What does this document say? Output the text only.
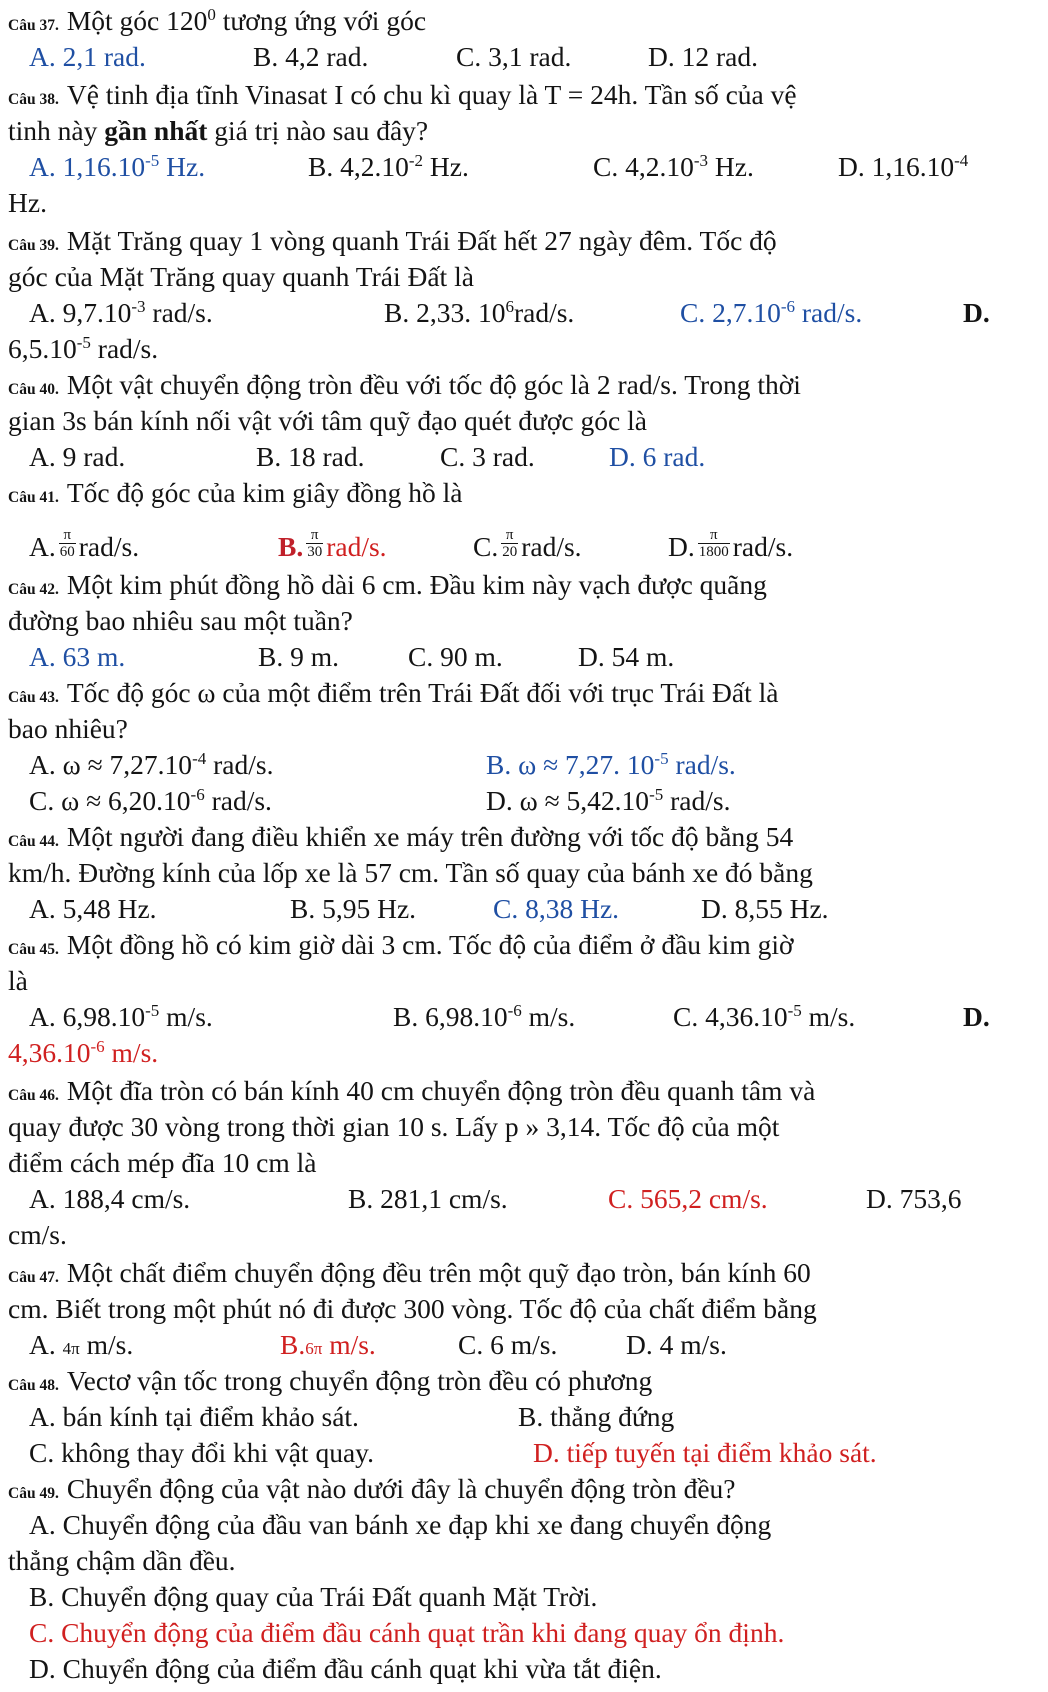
Câu 37. Một góc $120^0$ tương ứng với góc
A. 2,1 rad.	B. 4,2 rad.	C. 3,1 rad.	D. 12 rad.
Câu 38. Vệ tinh địa tĩnh Vinasat I có chu kì quay là T = 24h. Tần số của vệ
tinh này gần nhất giá trị nào sau đây?
A. $1,16.10^{-5}$ Hz.	B. $4,2.10^{-2}$ Hz.	C. $4,2.10^{-3}$ Hz.	D. $1,16.10^{-4}$
Hz.
Câu 39. Mặt Trăng quay 1 vòng quanh Trái Đất hết 27 ngày đêm. Tốc độ
góc của Mặt Trăng quay quanh Trái Đất là
A. $9,7.10^{-3}$ rad/s.	B. 2,33. $10^6rad/s$.	C. $2,7.10^{-6}$ rad/s.	D.
$6,5.10^{-5}$ rad/s.
Câu 40. Một vật chuyển động tròn đều với tốc độ góc là 2 rad/s. Trong thời
gian 3s bán kính nối vật với tâm quỹ đạo quét được góc là
A. 9 rad.	B. 18 rad.	C. 3 rad.	D. 6 rad.
Câu 41. Tốc độ góc của kim giây đồng hồ là
A. $\frac{\pi}{60} rad/s$.	B. $\frac{\pi}{30} rad/s$.	C. $\frac{\pi}{20} rad/s$.	D. $\frac{\pi}{1800} rad/s$.
Câu 42. Một kim phút đồng hồ dài 6 cm. Đầu kim này vạch được quãng
đường bao nhiêu sau một tuần?
A. 63 m.	B. 9 m.	C. 90 m.	D. 54 m.
Câu 43. Tốc độ góc ω của một điểm trên Trái Đất đối với trục Trái Đất là
bao nhiêu?
A. $\omega \approx 7,27.10^{-4}$ rad/s.	B. ω ≈ 7,27. $10^{-5}$ rad/s.
C. $\omega \approx 6,20.10^{-6}$ rad/s.	D. $\omega \approx 5,42.10^{-5}$ rad/s.
Câu 44. Một người đang điều khiển xe máy trên đường với tốc độ bằng 54
km/h. Đường kính của lốp xe là 57 cm. Tần số quay của bánh xe đó bằng
A. 5,48 Hz.	B. 5,95 Hz.	C. 8,38 Hz.	D. 8,55 Hz.
Câu 45. Một đồng hồ có kim giờ dài 3 cm. Tốc độ của điểm ở đầu kim giờ
là
A. $6,98.10^{-5}$ m/s.	B. $6,98.10^{-6}$ m/s.	C. $4,36.10^{-5}$ m/s.	D.
$4,36.10^{-6}$ m/s.
Câu 46. Một đĩa tròn có bán kính 40 cm chuyển động tròn đều quanh tâm và
quay được 30 vòng trong thời gian 10 s. Lấy p » 3,14. Tốc độ của một
điểm cách mép đĩa 10 cm là
A. 188,4 cm/s.	B. 281,1 cm/s.	C. 565,2 cm/s.	D. 753,6
cm/s.
Câu 47. Một chất điểm chuyển động đều trên một quỹ đạo tròn, bán kính 60
cm. Biết trong một phút nó đi được 300 vòng. Tốc độ của chất điểm bằng
A. 4π m/s.	B.6π m/s.	C. 6 m/s. D. 4 m/s.
Câu 48. Vectơ vận tốc trong chuyển động tròn đều có phương
A. bán kính tại điểm khảo sát.	B. thẳng đứng
C. không thay đổi khi vật quay.	D. tiếp tuyến tại điểm khảo sát.
Câu 49. Chuyển động của vật nào dưới đây là chuyển động tròn đều?
A. Chuyển động của đầu van bánh xe đạp khi xe đang chuyển động
thẳng chậm dần đều.
B. Chuyển động quay của Trái Đất quanh Mặt Trời.
C. Chuyển động của điểm đầu cánh quạt trần khi đang quay ổn định.
D. Chuyển động của điểm đầu cánh quạt khi vừa tắt điện.
